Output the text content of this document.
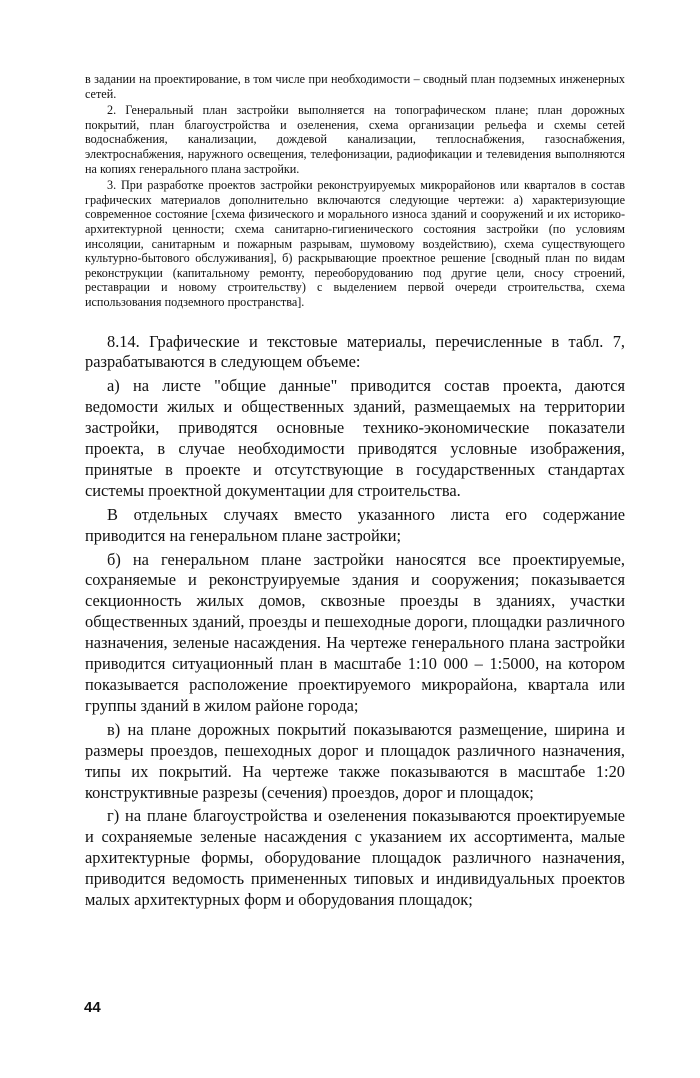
в задании на проектирование, в том числе при необходимости – сводный план подземных инженерных сетей.

2. Генеральный план застройки выполняется на топографическом плане; план дорожных покрытий, план благоустройства и озеленения, схема организации рельефа и схемы сетей водоснабжения, канализации, дождевой канализации, теплоснабжения, газоснабжения, электроснабжения, наружного освещения, телефонизации, радиофикации и телевидения выполняются на копиях генерального плана застройки.

3. При разработке проектов застройки реконструируемых микрорайонов или кварталов в состав графических материалов дополнительно включаются следующие чертежи: а) характеризующие современное состояние [схема физического и морального износа зданий и сооружений и их историко-архитектурной ценности; схема санитарно-гигиенического состояния застройки (по условиям инсоляции, санитарным и пожарным разрывам, шумовому воздействию), схема существующего культурно-бытового обслуживания], б) раскрывающие проектное решение [сводный план по видам реконструкции (капитальному ремонту, переоборудованию под другие цели, сносу строений, реставрации и новому строительству) с выделением первой очереди строительства, схема использования подземного пространства].

8.14. Графические и текстовые материалы, перечисленные в табл. 7, разрабатываются в следующем объеме:

а) на листе "общие данные" приводится состав проекта, даются ведомости жилых и общественных зданий, размещаемых на территории застройки, приводятся основные технико-экономические показатели проекта, в случае необходимости приводятся условные изображения, принятые в проекте и отсутствующие в государственных стандартах системы проектной документации для строительства.

В отдельных случаях вместо указанного листа его содержание приводится на генеральном плане застройки;

б) на генеральном плане застройки наносятся все проектируемые, сохраняемые и реконструируемые здания и сооружения; показывается секционность жилых домов, сквозные проезды в зданиях, участки общественных зданий, проезды и пешеходные дороги, площадки различного назначения, зеленые насаждения. На чертеже генерального плана застройки приводится ситуационный план в масштабе 1:10 000 – 1:5000, на котором показывается расположение проектируемого микрорайона, квартала или группы зданий в жилом районе города;

в) на плане дорожных покрытий показываются размещение, ширина и размеры проездов, пешеходных дорог и площадок различного назначения, типы их покрытий. На чертеже также показываются в масштабе 1:20 конструктивные разрезы (сечения) проездов, дорог и площадок;

г) на плане благоустройства и озеленения показываются проектируемые и сохраняемые зеленые насаждения с указанием их ассортимента, малые архитектурные формы, оборудование площадок различного назначения, приводится ведомость примененных типовых и индивидуальных проектов малых архитектурных форм и оборудования площадок;

44
